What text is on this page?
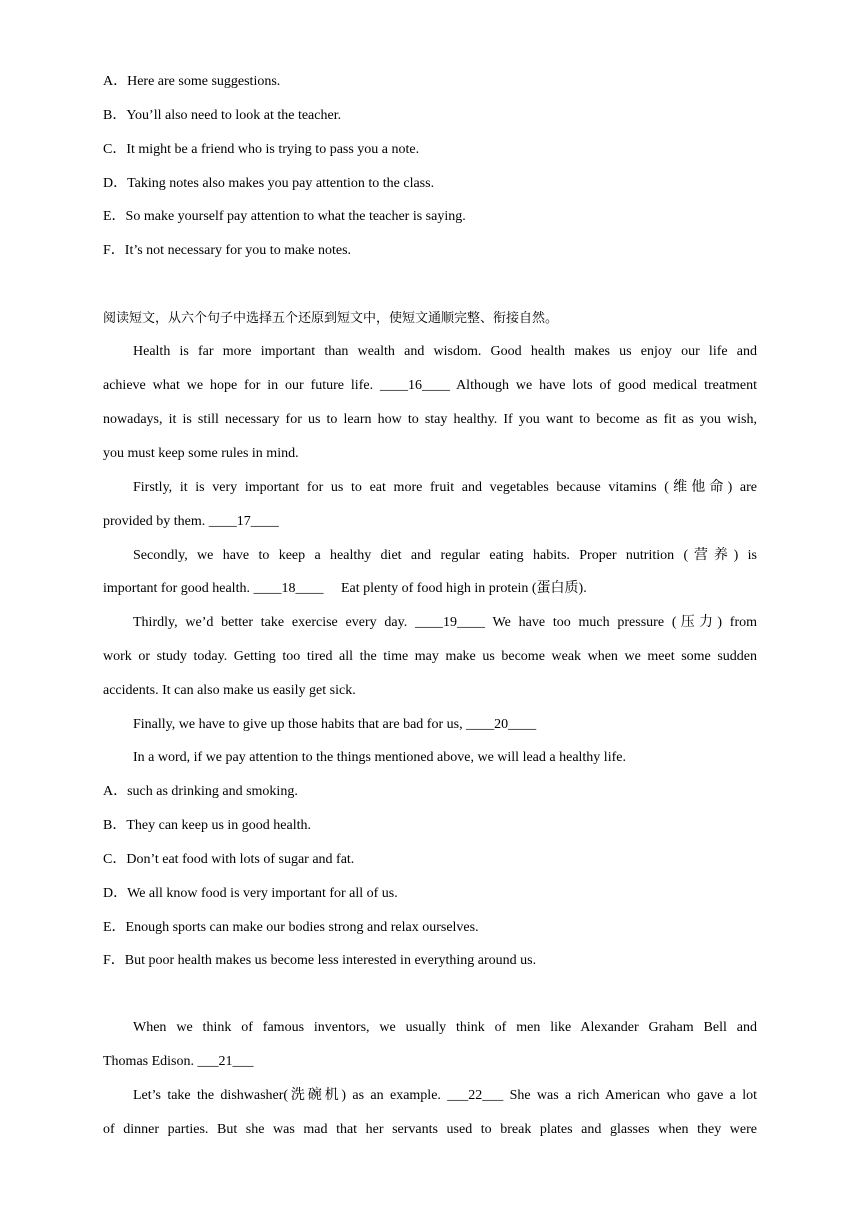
A．Here are some suggestions.
B．You’ll also need to look at the teacher.
C．It might be a friend who is trying to pass you a note.
D．Taking notes also makes you pay attention to the class.
E．So make yourself pay attention to what the teacher is saying.
F．It’s not necessary for you to make notes.
阅读短文，从六个句子中选择五个还原到短文中，使短文通顺完整、衔接自然。
Health is far more important than wealth and wisdom. Good health makes us enjoy our life and
achieve what we hope for in our future life. ____16____ Although we have lots of good medical treatment
nowadays, it is still necessary for us to learn how to stay healthy. If you want to become as fit as you wish,
you must keep some rules in mind.
Firstly, it is very important for us to eat more fruit and vegetables because vitamins (维他命) are
provided by them. ____17____
Secondly, we have to keep a healthy diet and regular eating habits. Proper nutrition (营养) is
important for good health. ____18____     Eat plenty of food high in protein (蛋白质).
Thirdly, we’d better take exercise every day. ____19____ We have too much pressure (压力) from
work or study today. Getting too tired all the time may make us become weak when we meet some sudden
accidents. It can also make us easily get sick.
Finally, we have to give up those habits that are bad for us, ____20____
In a word, if we pay attention to the things mentioned above, we will lead a healthy life.
A．such as drinking and smoking.
B．They can keep us in good health.
C．Don’t eat food with lots of sugar and fat.
D．We all know food is very important for all of us.
E．Enough sports can make our bodies strong and relax ourselves.
F．But poor health makes us become less interested in everything around us.
When we think of famous inventors, we usually think of men like Alexander Graham Bell and
Thomas Edison. ___21___
Let’s take the dishwasher(洗碗机) as an example. ___22___ She was a rich American who gave a lot
of dinner parties. But she was mad that her servants used to break plates and glasses when they were
